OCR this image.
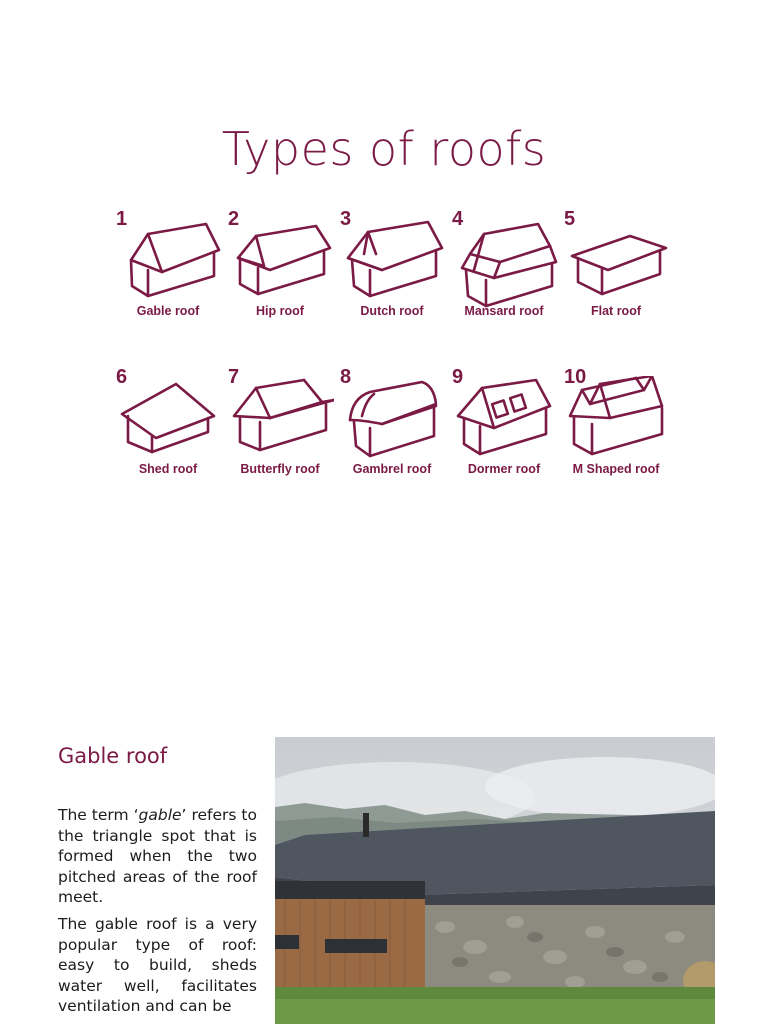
Types of roofs
1
Gable roof
2
Hip roof
3
Dutch roof
4
Mansard roof
5
Flat roof
6
Shed roof
7
Butterfly roof
8
Gambrel roof
9
Dormer roof
10
M Shaped roof
Gable roof

The term ‘gable’ refers to the triangle spot that is formed when the two pitched areas of the roof meet.

The gable roof is a very popular type of roof: easy to build, sheds water well, facilitates ventilation and can be
